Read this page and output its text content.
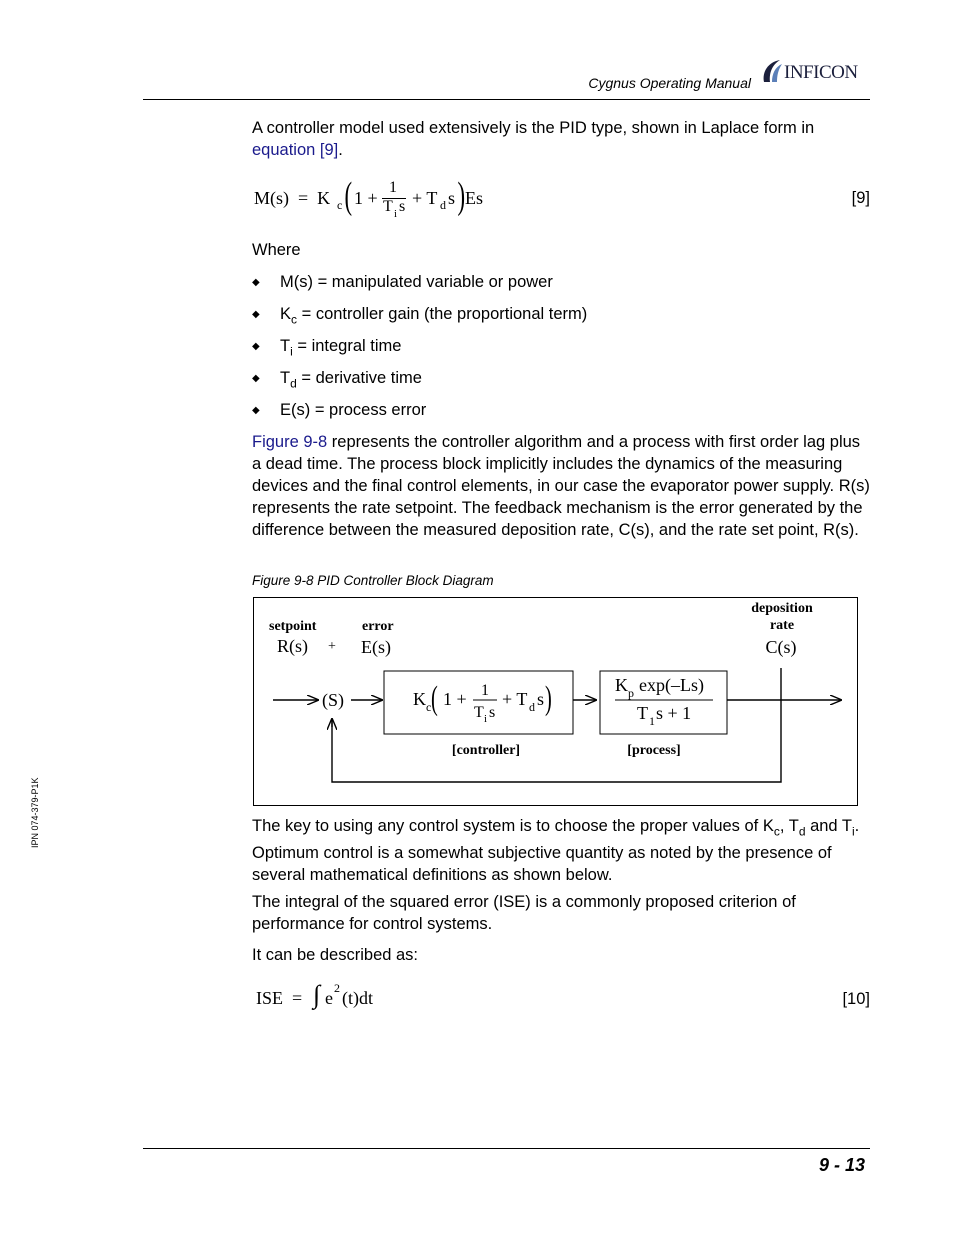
Cygnus Operating Manual INFICON
IPN 074-379-P1K
A controller model used extensively is the PID type, shown in Laplace form in equation [9].
M(s)  =  K c ( 1 +
1
T i s + T d s ) Es	[9]
Where
◆ M(s) = manipulated variable or power
◆ $K_c$ = controller gain (the proportional term)
◆ $T_i$ = integral time
◆ $T_d$ = derivative time
◆ E(s) = process error
Figure 9-8 represents the controller algorithm and a process with first order lag plus a dead time. The process block implicitly includes the dynamics of the measuring devices and the final control elements, in our case the evaporator power supply. R(s) represents the rate setpoint. The feedback mechanism is the error generated by the difference between the measured deposition rate, C(s), and the rate set point, R(s).
Figure 9-8 PID Controller Block Diagram
setpoint	error
deposition
rate
[controller]	[process]
R(s) + E(s)	C(s)
(S)	K c ( 1 + 1
T i s
+ T d s )	K p exp(–Ls)
T 1 s + 1
The key to using any control system is to choose the proper values of $K_c$, $T_d$ and $T_i$. Optimum control is a somewhat subjective quantity as noted by the presence of several mathematical definitions as shown below.
The integral of the squared error (ISE) is a commonly proposed criterion of performance for control systems.
It can be described as:
ISE  = ∫ e 2 (t)dt	[10]
9 - 13
